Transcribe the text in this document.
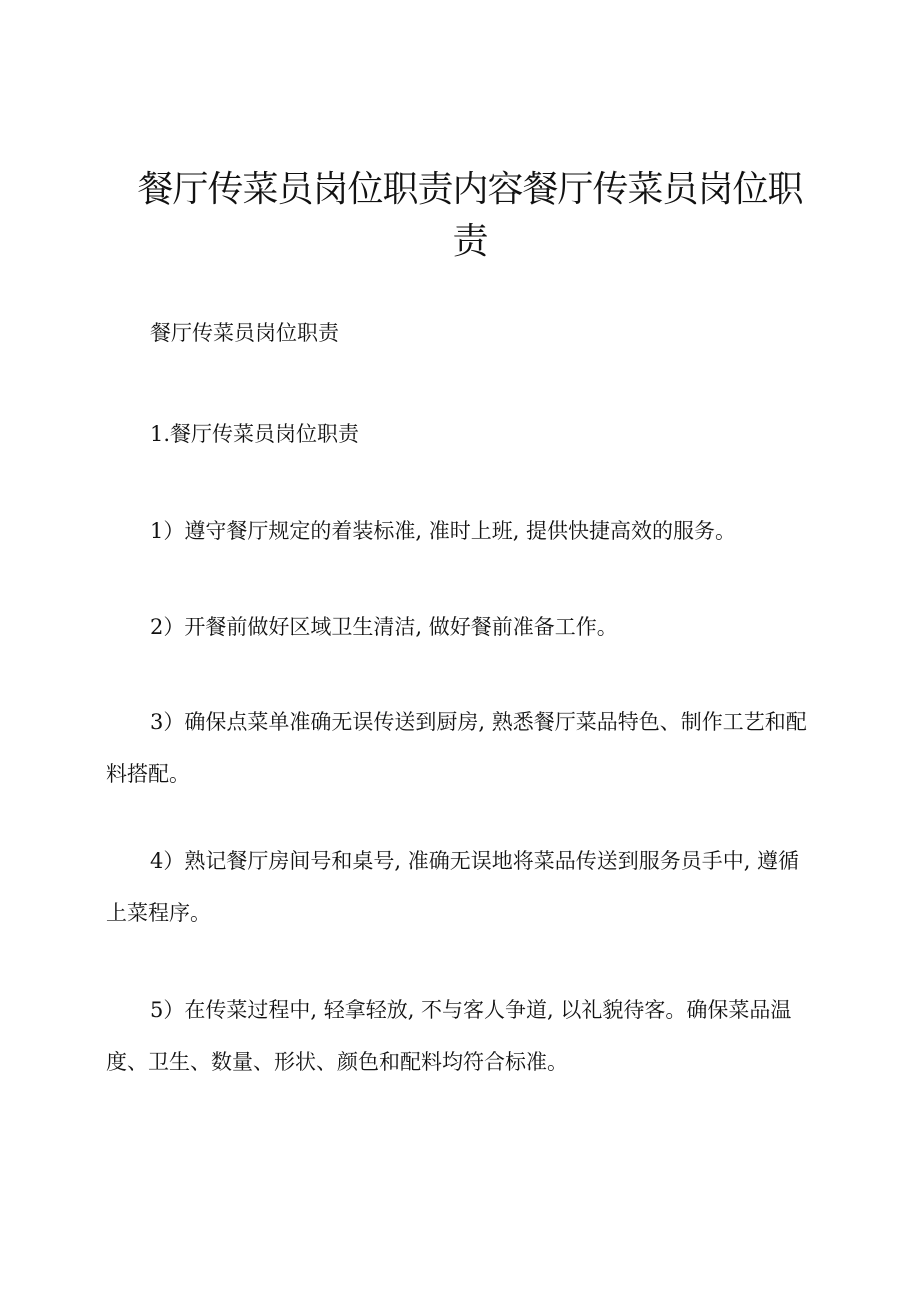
餐厅传菜员岗位职责内容餐厅传菜员岗位职责

餐厅传菜员岗位职责

1.餐厅传菜员岗位职责

1）遵守餐厅规定的着装标准, 准时上班, 提供快捷高效的服务。

2）开餐前做好区域卫生清洁, 做好餐前准备工作。

3）确保点菜单准确无误传送到厨房, 熟悉餐厅菜品特色、制作工艺和配料搭配。

4）熟记餐厅房间号和桌号, 准确无误地将菜品传送到服务员手中, 遵循上菜程序。

5）在传菜过程中, 轻拿轻放, 不与客人争道, 以礼貌待客。确保菜品温度、卫生、数量、形状、颜色和配料均符合标准。
